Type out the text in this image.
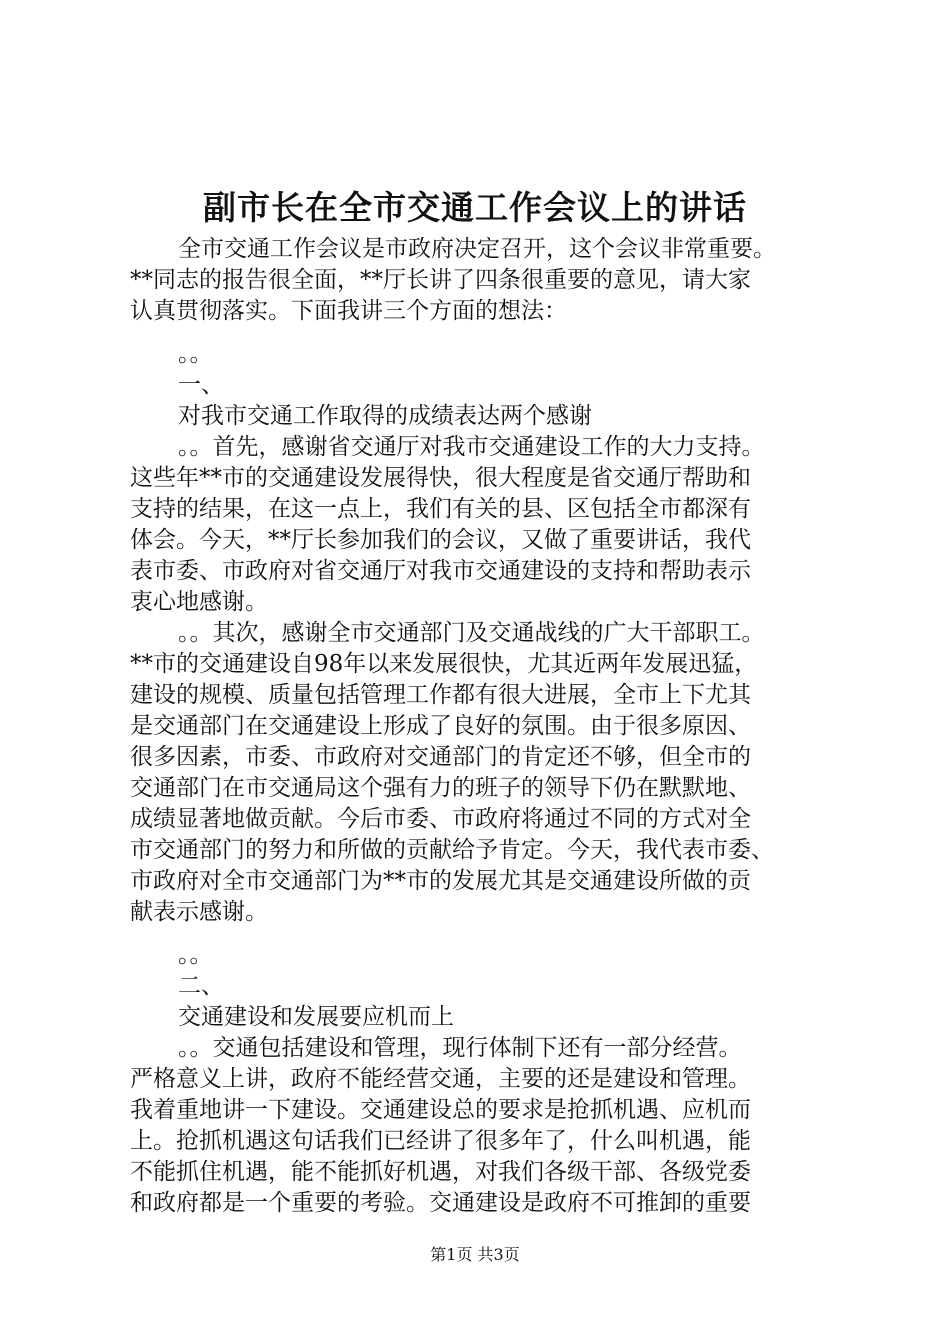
副市长在全市交通工作会议上的讲话
全市交通工作会议是市政府决定召开，这个会议非常重要。
**同志的报告很全面，**厅长讲了四条很重要的意见，请大家
认真贯彻落实。下面我讲三个方面的想法：
。。
一、
对我市交通工作取得的成绩表达两个感谢
。。首先，感谢省交通厅对我市交通建设工作的大力支持。
这些年**市的交通建设发展得快，很大程度是省交通厅帮助和
支持的结果，在这一点上，我们有关的县、区包括全市都深有
体会。今天，**厅长参加我们的会议，又做了重要讲话，我代
表市委、市政府对省交通厅对我市交通建设的支持和帮助表示
衷心地感谢。
。。其次，感谢全市交通部门及交通战线的广大干部职工。
**市的交通建设自98年以来发展很快，尤其近两年发展迅猛，
建设的规模、质量包括管理工作都有很大进展，全市上下尤其
是交通部门在交通建设上形成了良好的氛围。由于很多原因、
很多因素，市委、市政府对交通部门的肯定还不够，但全市的
交通部门在市交通局这个强有力的班子的领导下仍在默默地、
成绩显著地做贡献。今后市委、市政府将通过不同的方式对全
市交通部门的努力和所做的贡献给予肯定。今天，我代表市委、
市政府对全市交通部门为**市的发展尤其是交通建设所做的贡
献表示感谢。
。。
二、
交通建设和发展要应机而上
。。交通包括建设和管理，现行体制下还有一部分经营。
严格意义上讲，政府不能经营交通，主要的还是建设和管理。
我着重地讲一下建设。交通建设总的要求是抢抓机遇、应机而
上。抢抓机遇这句话我们已经讲了很多年了，什么叫机遇，能
不能抓住机遇，能不能抓好机遇，对我们各级干部、各级党委
和政府都是一个重要的考验。交通建设是政府不可推卸的重要
第1页 共3页
